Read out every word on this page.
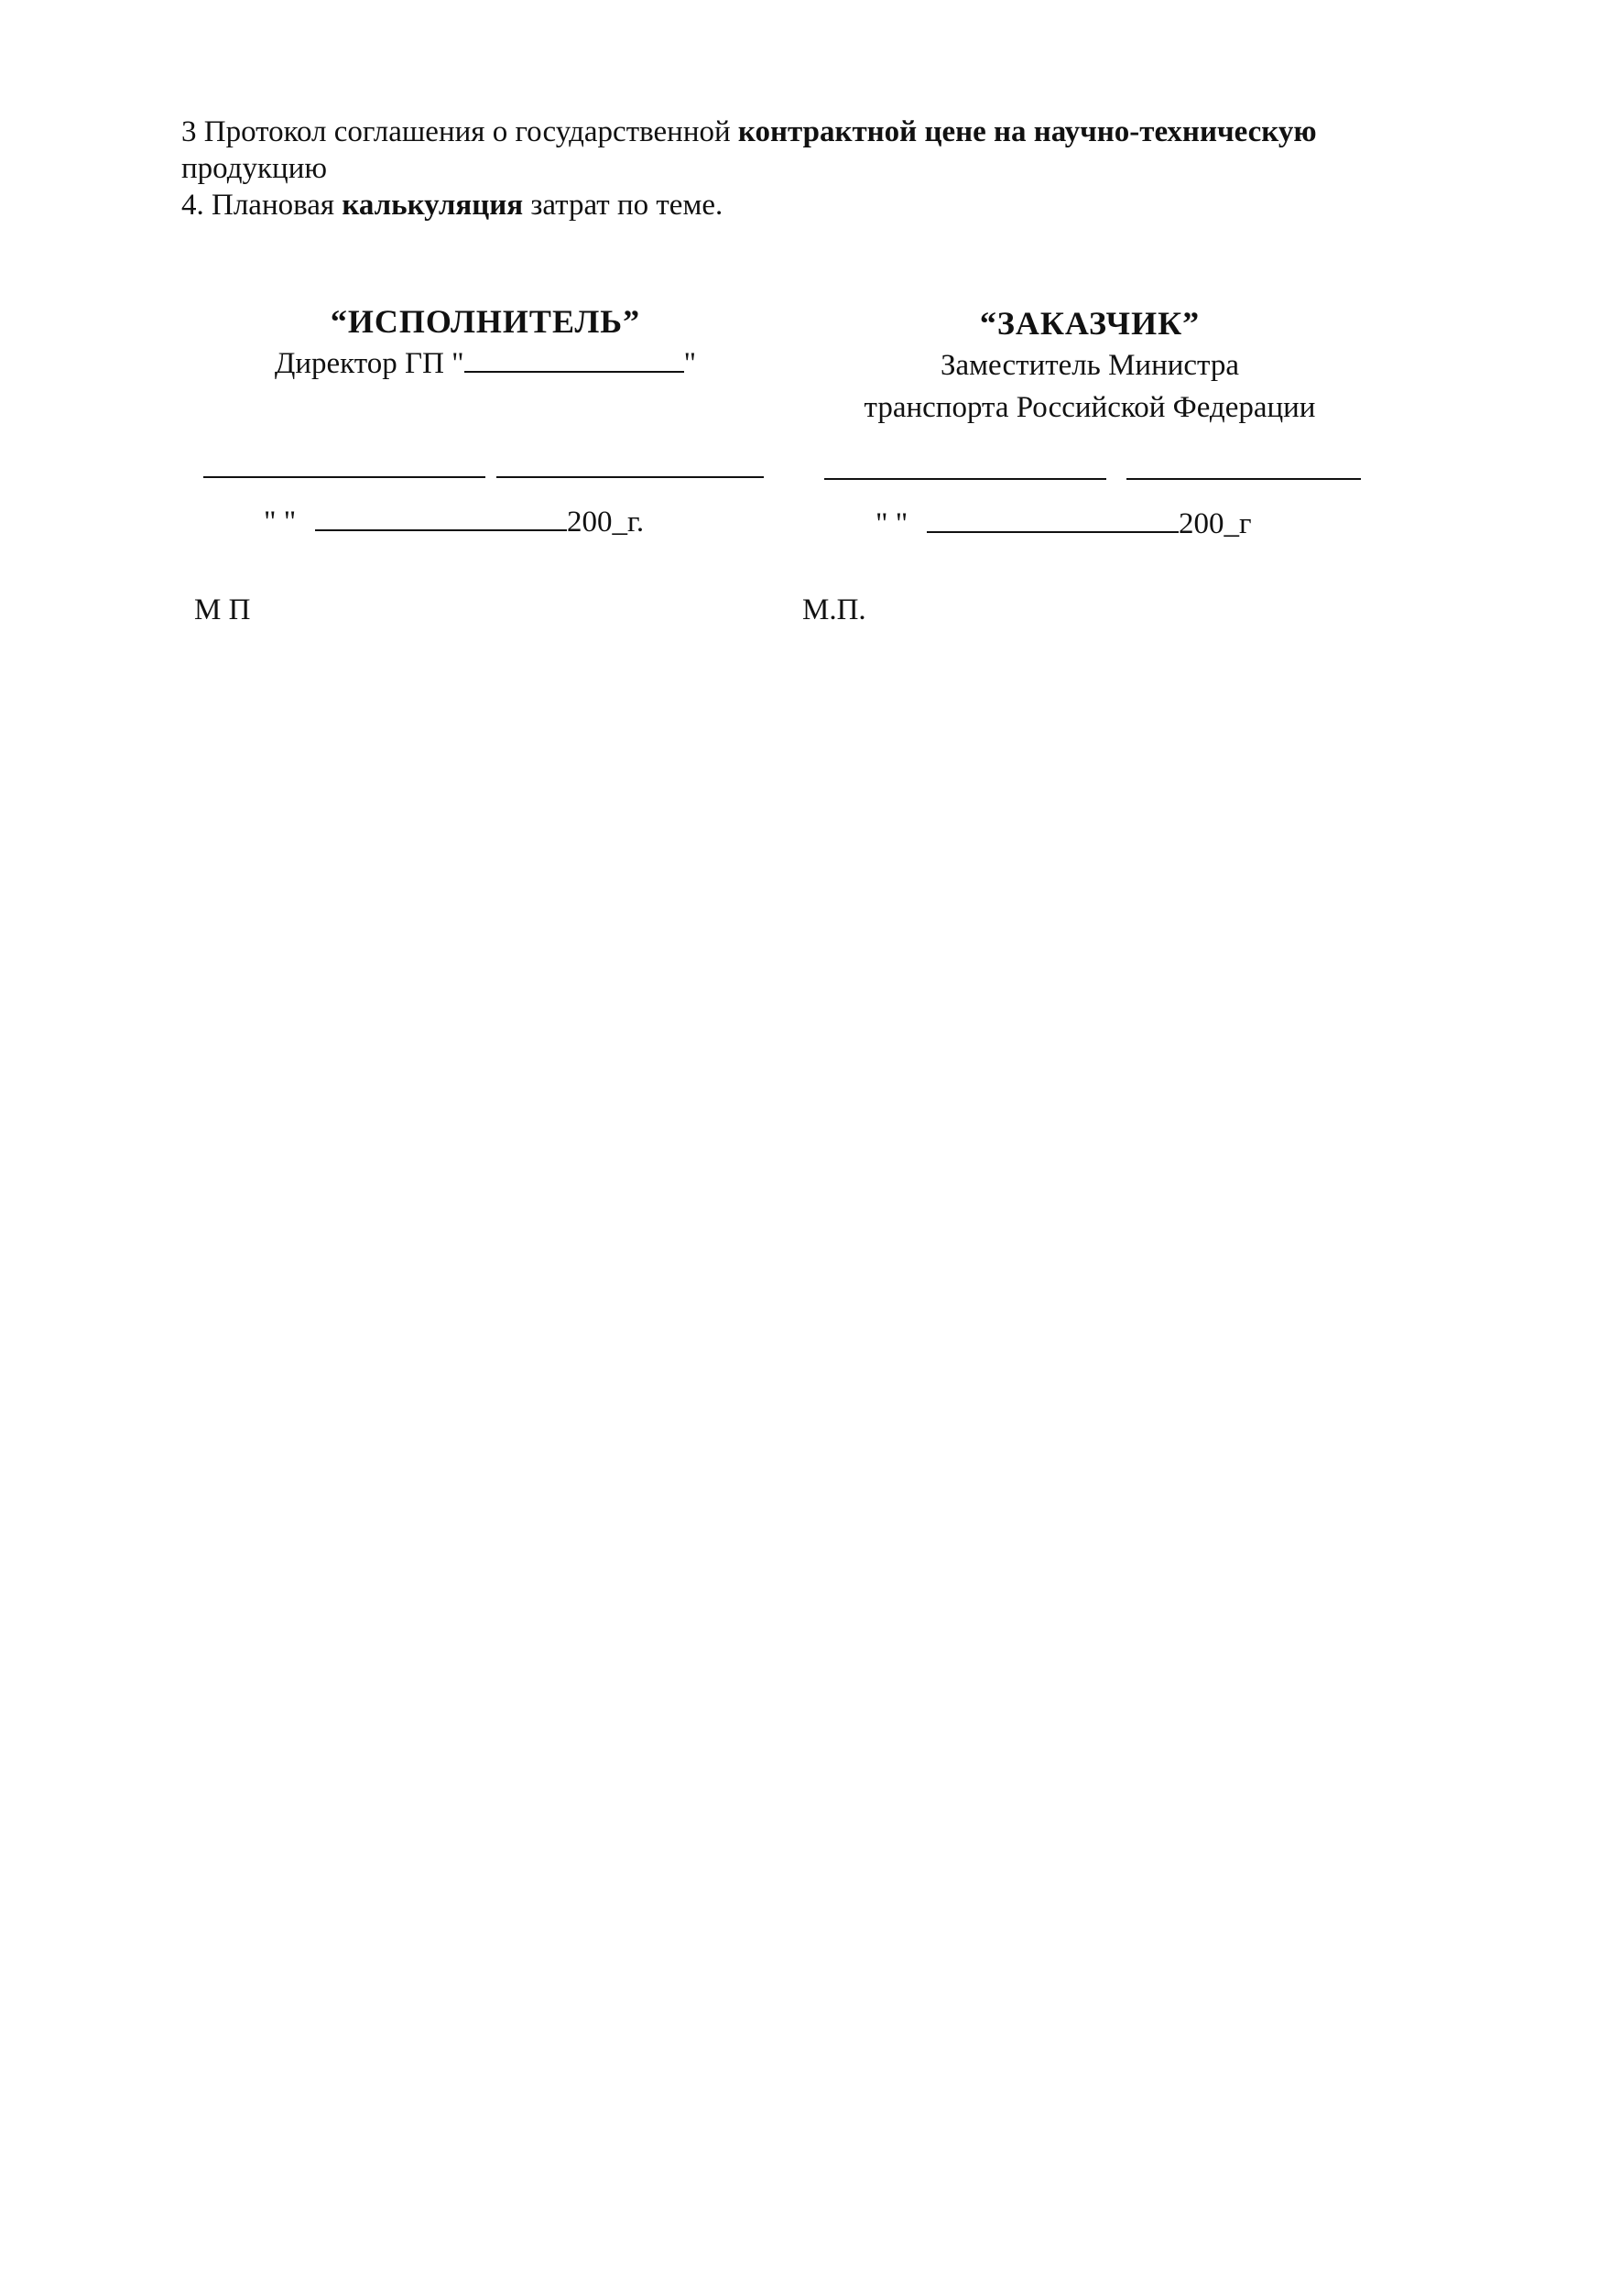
3 Протокол соглашения о государственной контрактной цене на научно-техническую

продукцию

4. Плановая калькуляция затрат по теме.

“ИСПОЛНИТЕЛЬ”
Директор ГП "	"
“ЗАКАЗЧИК”
Заместитель Министра
транспорта Российской Федерации
" "	200_г.	" "	200_г
М П	М.П.
